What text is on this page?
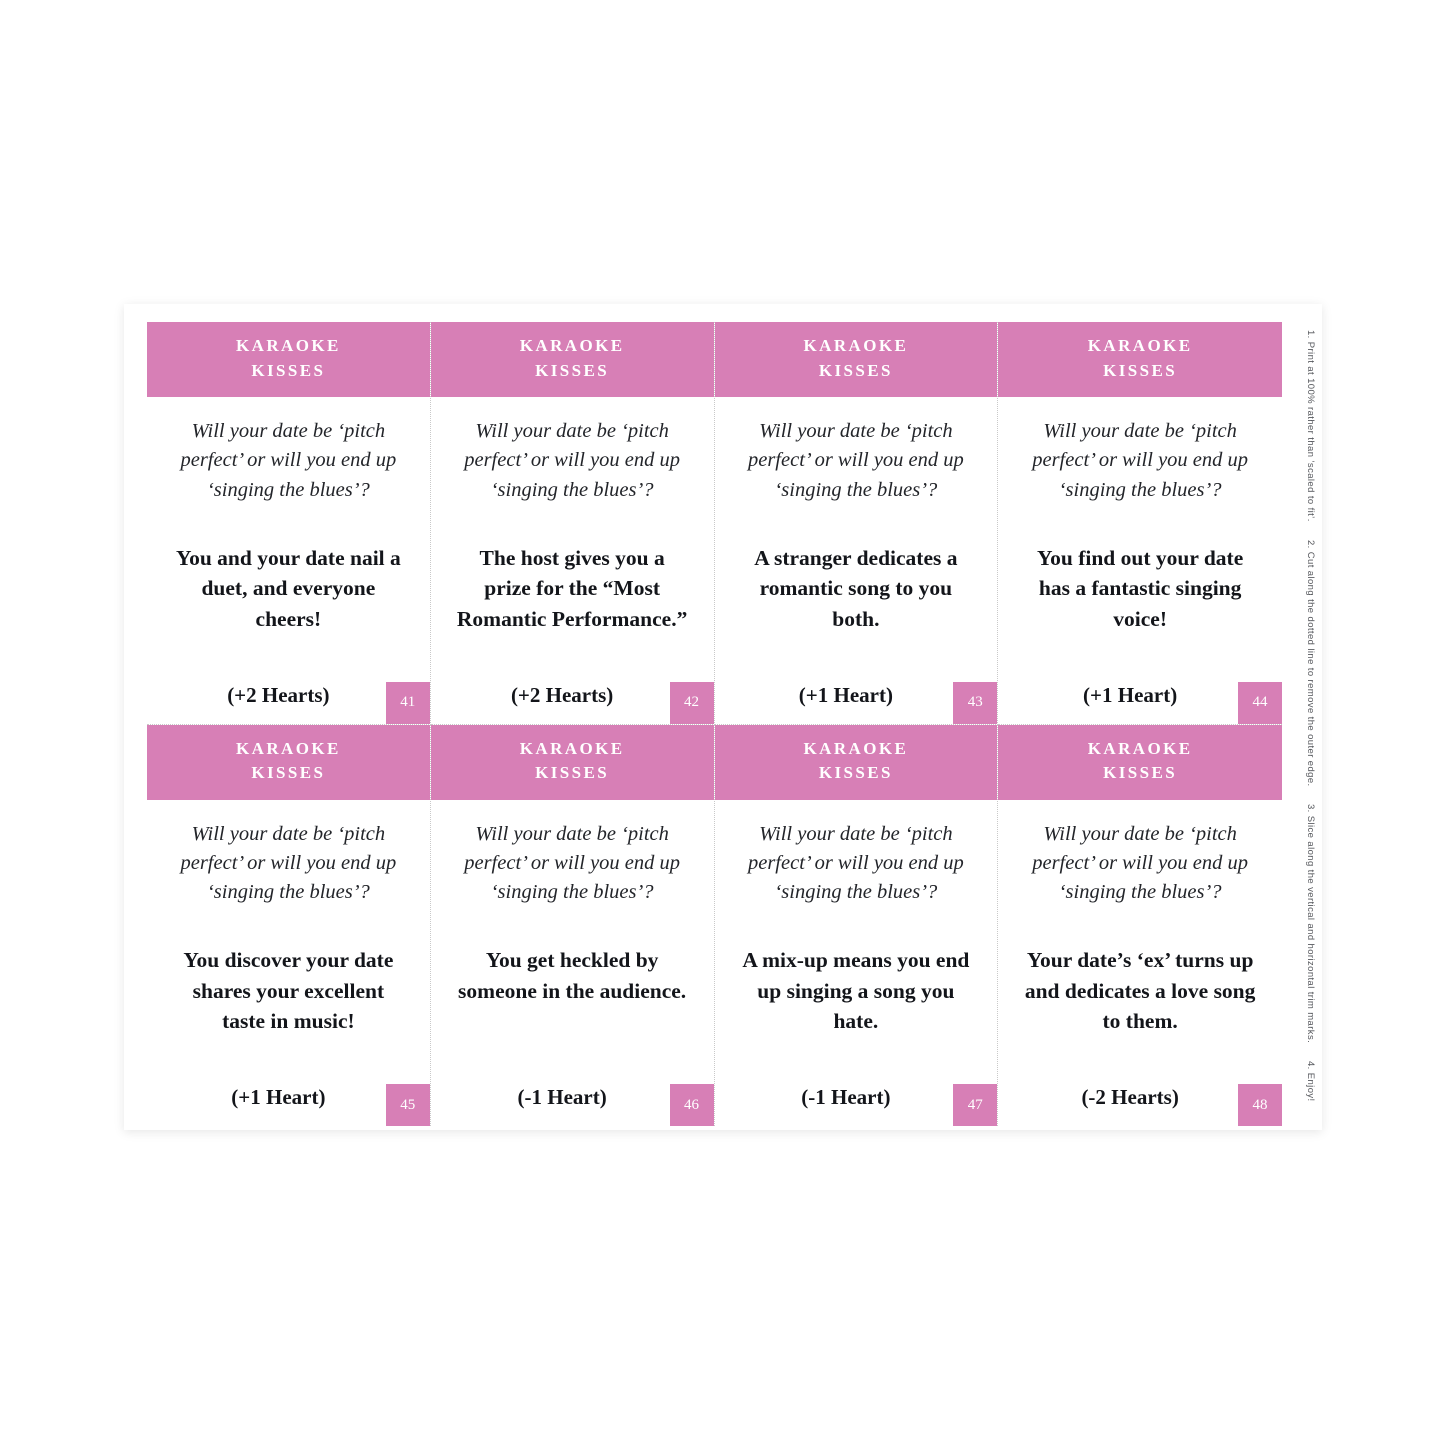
KARAOKE
KISSES

Will your date be ‘pitch perfect’ or will you end up ‘singing the blues’?

You and your date nail a duet, and everyone cheers!

(+2 Hearts)	41
KARAOKE
KISSES

Will your date be ‘pitch perfect’ or will you end up ‘singing the blues’?

The host gives you a prize for the “Most Romantic Performance.”

(+2 Hearts)	42
KARAOKE
KISSES

Will your date be ‘pitch perfect’ or will you end up ‘singing the blues’?

A stranger dedicates a romantic song to you both.

(+1 Heart)	43
KARAOKE
KISSES

Will your date be ‘pitch perfect’ or will you end up ‘singing the blues’?

You find out your date has a fantastic singing voice!

(+1 Heart)	44
KARAOKE
KISSES

Will your date be ‘pitch perfect’ or will you end up ‘singing the blues’?

You discover your date shares your excellent taste in music!

(+1 Heart)	45
KARAOKE
KISSES

Will your date be ‘pitch perfect’ or will you end up ‘singing the blues’?

You get heckled by someone in the audience.

(-1 Heart)	46
KARAOKE
KISSES

Will your date be ‘pitch perfect’ or will you end up ‘singing the blues’?

A mix-up means you end up singing a song you hate.

(-1 Heart)	47
KARAOKE
KISSES

Will your date be ‘pitch perfect’ or will you end up ‘singing the blues’?

Your date’s ‘ex’ turns up and dedicates a love song to them.

(-2 Hearts)	48
1. Print at 100% rather than ‘scaled to fit’.
2. Cut along the dotted line to remove the outer edge.
3. Slice along the vertical and horizontal trim marks.
4. Enjoy!
